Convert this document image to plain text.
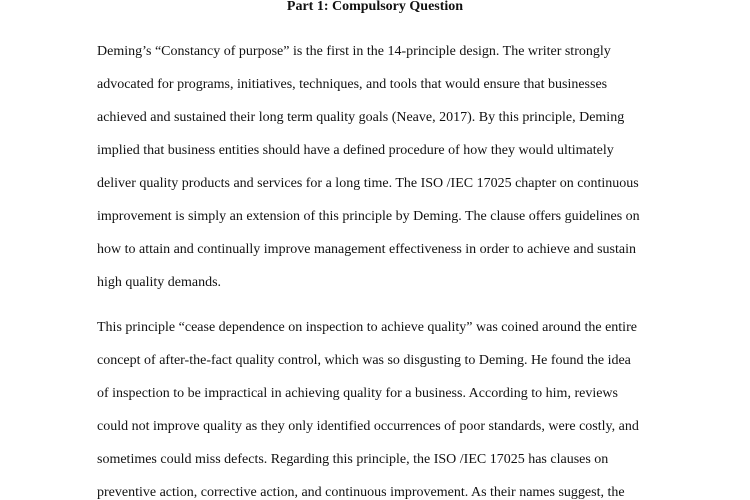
Part 1: Compulsory Question

Deming’s “Constancy of purpose” is the first in the 14-principle design. The writer strongly
advocated for programs, initiatives, techniques, and tools that would ensure that businesses
achieved and sustained their long term quality goals (Neave, 2017). By this principle, Deming
implied that business entities should have a defined procedure of how they would ultimately
deliver quality products and services for a long time. The ISO /IEC 17025 chapter on continuous
improvement is simply an extension of this principle by Deming. The clause offers guidelines on
how to attain and continually improve management effectiveness in order to achieve and sustain
high quality demands.

This principle “cease dependence on inspection to achieve quality” was coined around the entire
concept of after-the-fact quality control, which was so disgusting to Deming. He found the idea
of inspection to be impractical in achieving quality for a business. According to him, reviews
could not improve quality as they only identified occurrences of poor standards, were costly, and
sometimes could miss defects. Regarding this principle, the ISO /IEC 17025 has clauses on
preventive action, corrective action, and continuous improvement. As their names suggest, the
